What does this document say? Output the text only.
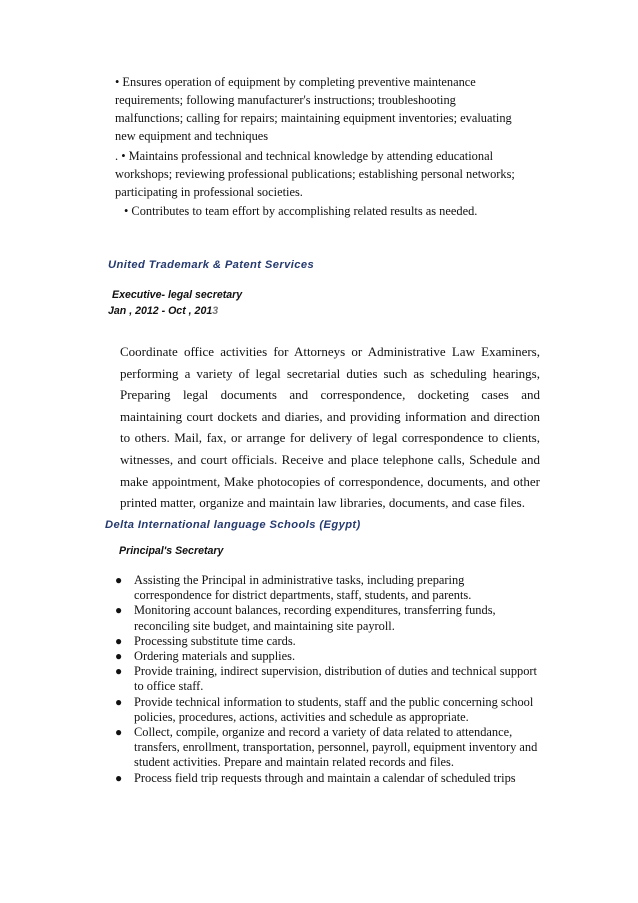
• Ensures operation of equipment by completing preventive maintenance
requirements; following manufacturer's instructions; troubleshooting
malfunctions; calling for repairs; maintaining equipment inventories; evaluating
new equipment and techniques

. • Maintains professional and technical knowledge by attending educational
workshops; reviewing professional publications; establishing personal networks;
participating in professional societies.

• Contributes to team effort by accomplishing related results as needed.

United Trademark & Patent Services
Executive- legal secretary
Jan , 2012 - Oct , 2013

Coordinate office activities for Attorneys or Administrative Law Examiners, performing a variety of legal secretarial duties such as scheduling hearings, Preparing legal documents and correspondence, docketing cases and maintaining court dockets and diaries, and providing information and direction to others. Mail, fax, or arrange for delivery of legal correspondence to clients, witnesses, and court officials. Receive and place telephone calls, Schedule and make appointment, Make photocopies of correspondence, documents, and other printed matter, organize and maintain law libraries, documents, and case files.

Delta International language Schools (Egypt)
Principal's Secretary
● Assisting the Principal in administrative tasks, including preparing correspondence for district departments, staff, students, and parents.
● Monitoring account balances, recording expenditures, transferring funds, reconciling site budget, and maintaining site payroll.
● Processing substitute time cards.
● Ordering materials and supplies.
● Provide training, indirect supervision, distribution of duties and technical support to office staff.
● Provide technical information to students, staff and the public concerning school policies, procedures, actions, activities and schedule as appropriate.
● Collect, compile, organize and record a variety of data related to attendance, transfers, enrollment, transportation, personnel, payroll, equipment inventory and student activities. Prepare and maintain related records and files.
● Process field trip requests through and maintain a calendar of scheduled trips
